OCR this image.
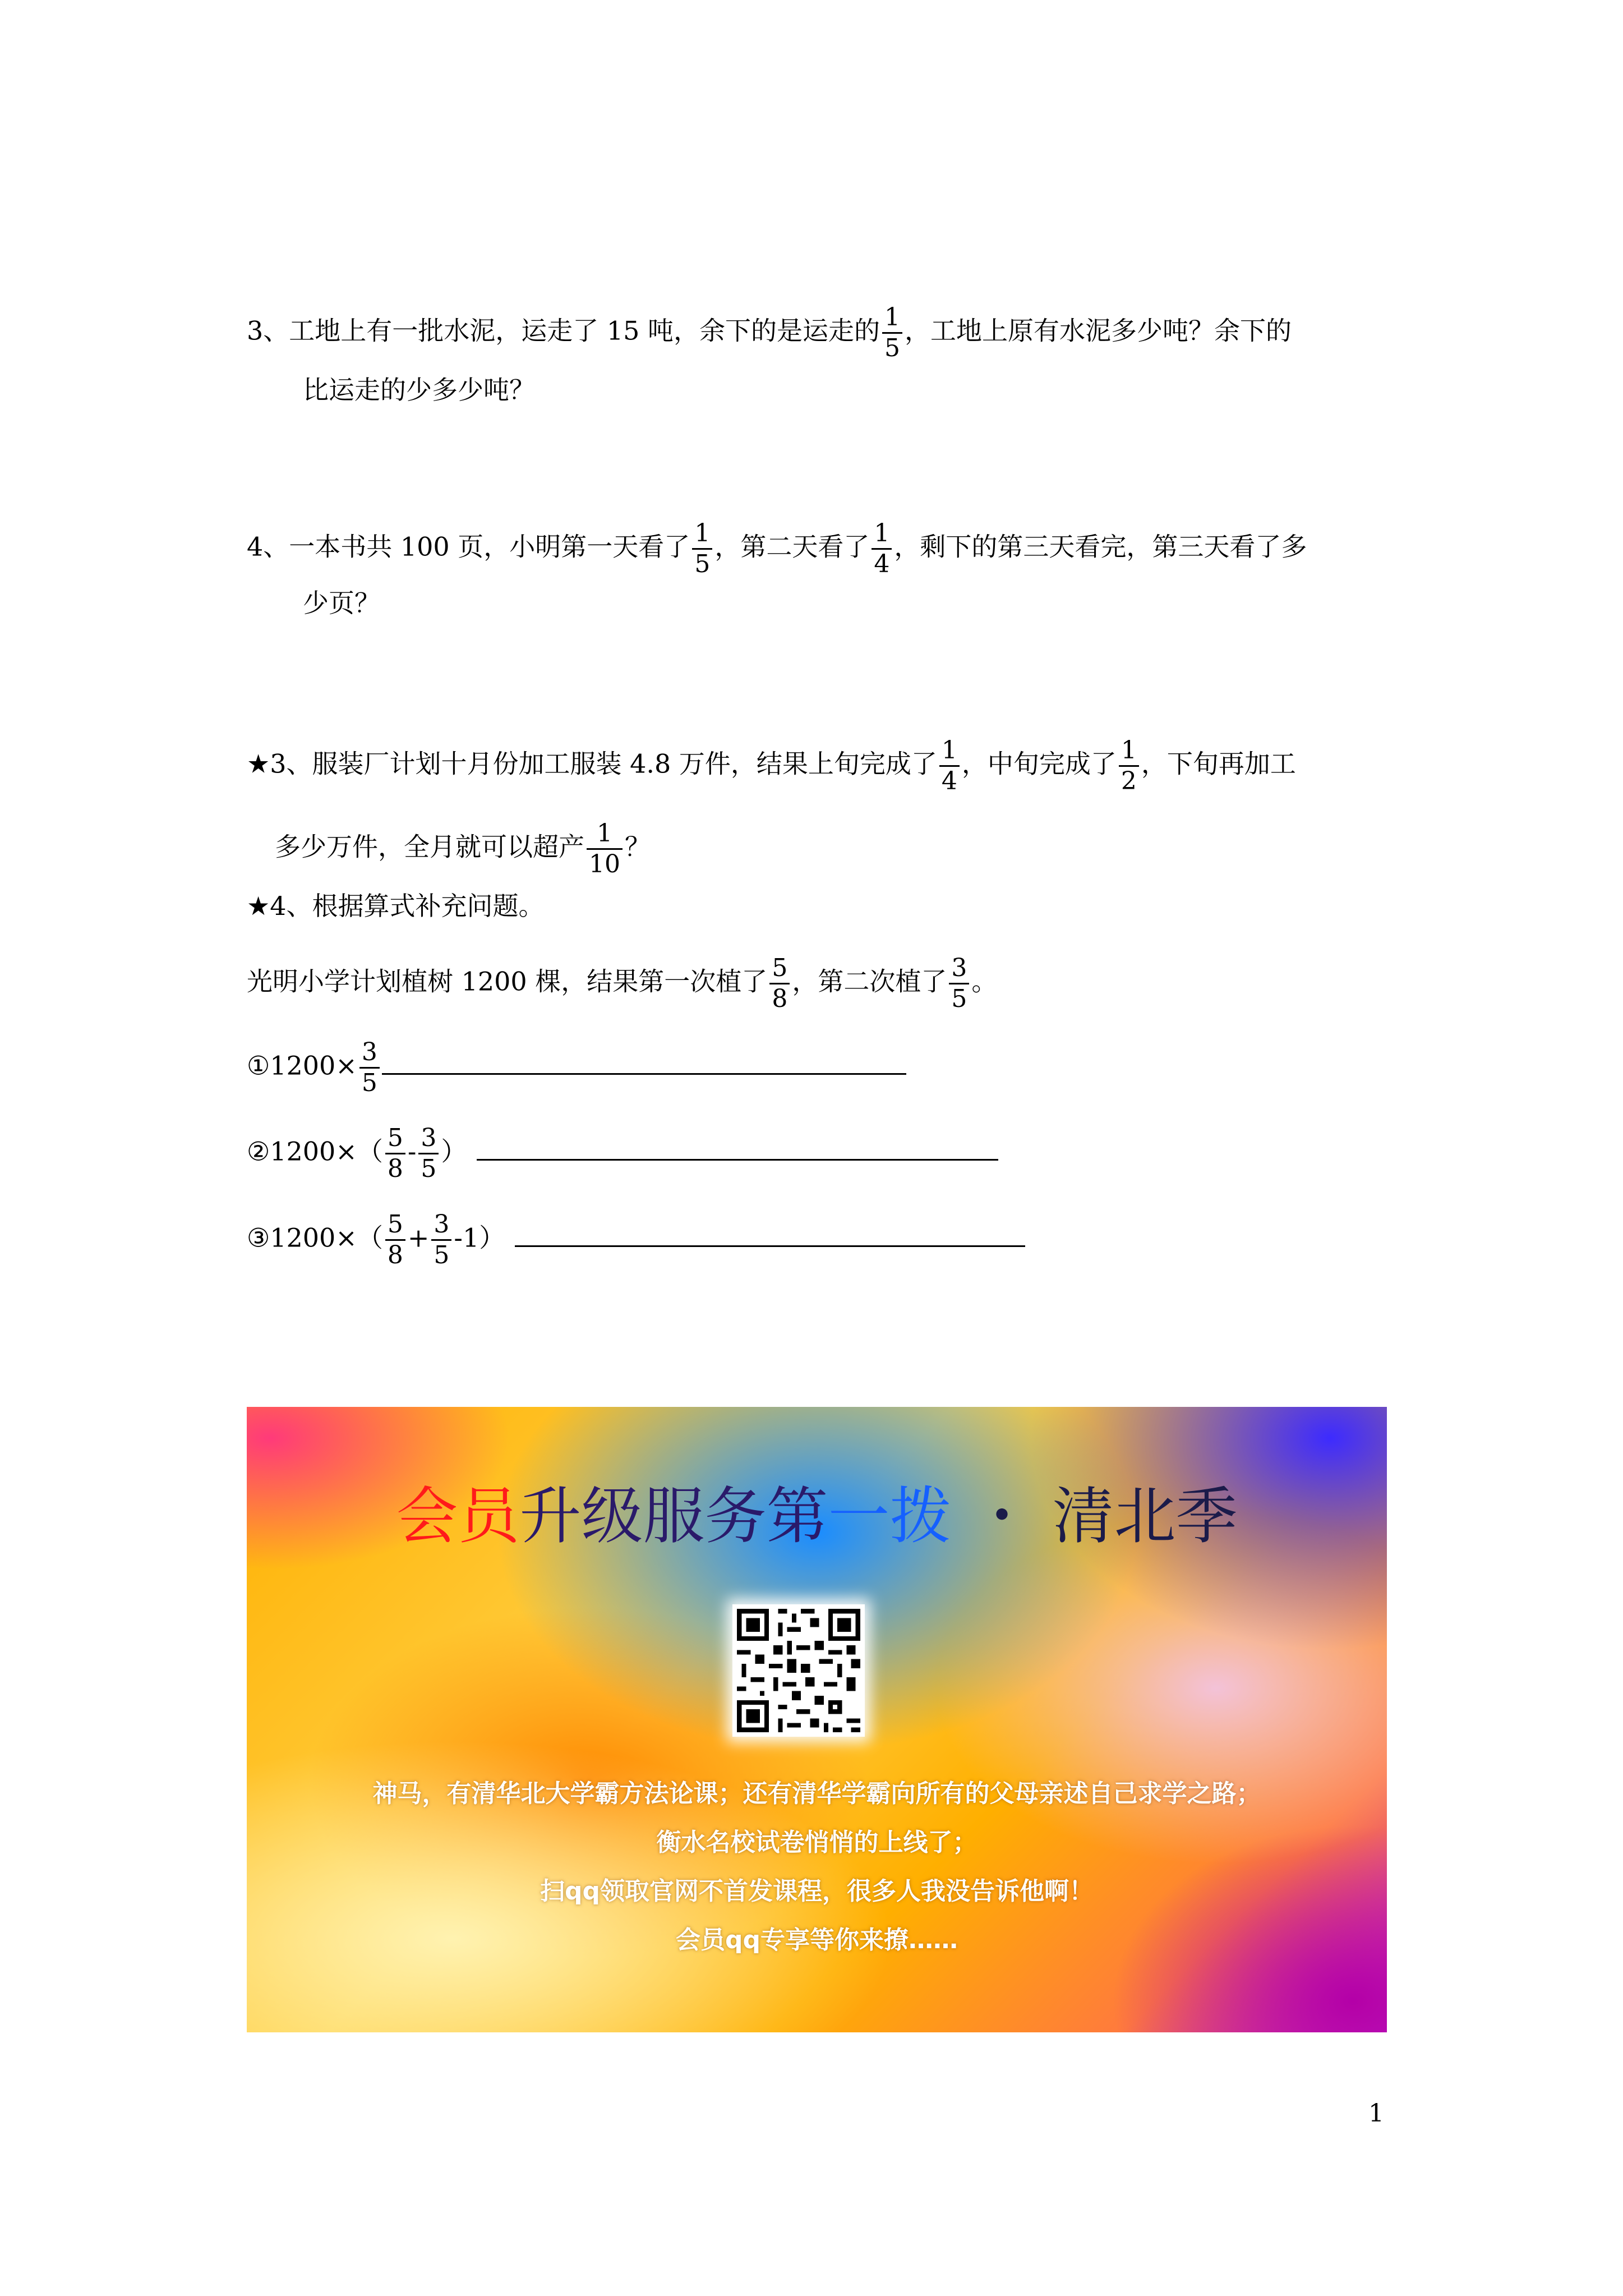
3、工地上有一批水泥，运走了 15 吨，余下的是运走的 $\frac{1}{5}$ ，工地上原有水泥多少吨？余下的
比运走的少多少吨？
4、一本书共 100 页，小明第一天看了 $\frac{1}{5}$ ，第二天看了 $\frac{1}{4}$ ，剩下的第三天看完，第三天看了多
少页？
★3、服装厂计划十月份加工服装 4.8 万件，结果上旬完成了 $\frac{1}{4}$ ，中旬完成了 $\frac{1}{2}$ ，下旬再加工
多少万件，全月就可以超产 $\frac{1}{10}$ ？
★4、根据算式补充问题。
光明小学计划植树 1200 棵，结果第一次植了 $\frac{5}{8}$ ，第二次植了 $\frac{3}{5}$ 。
①1200× $\frac{3}{5}$
②1200×（ $\frac{5}{8} - \frac{3}{5}$ ）
③1200×（ $\frac{5}{8} + \frac{3}{5} -1$）
会员升级服务第一拨 ・ 清北季
神马，有清华北大学霸方法论课；还有清华学霸向所有的父母亲述自己求学之路；
衡水名校试卷悄悄的上线了；
扫qq领取官网不首发课程，很多人我没告诉他啊！
会员qq专享等你来撩……
1
